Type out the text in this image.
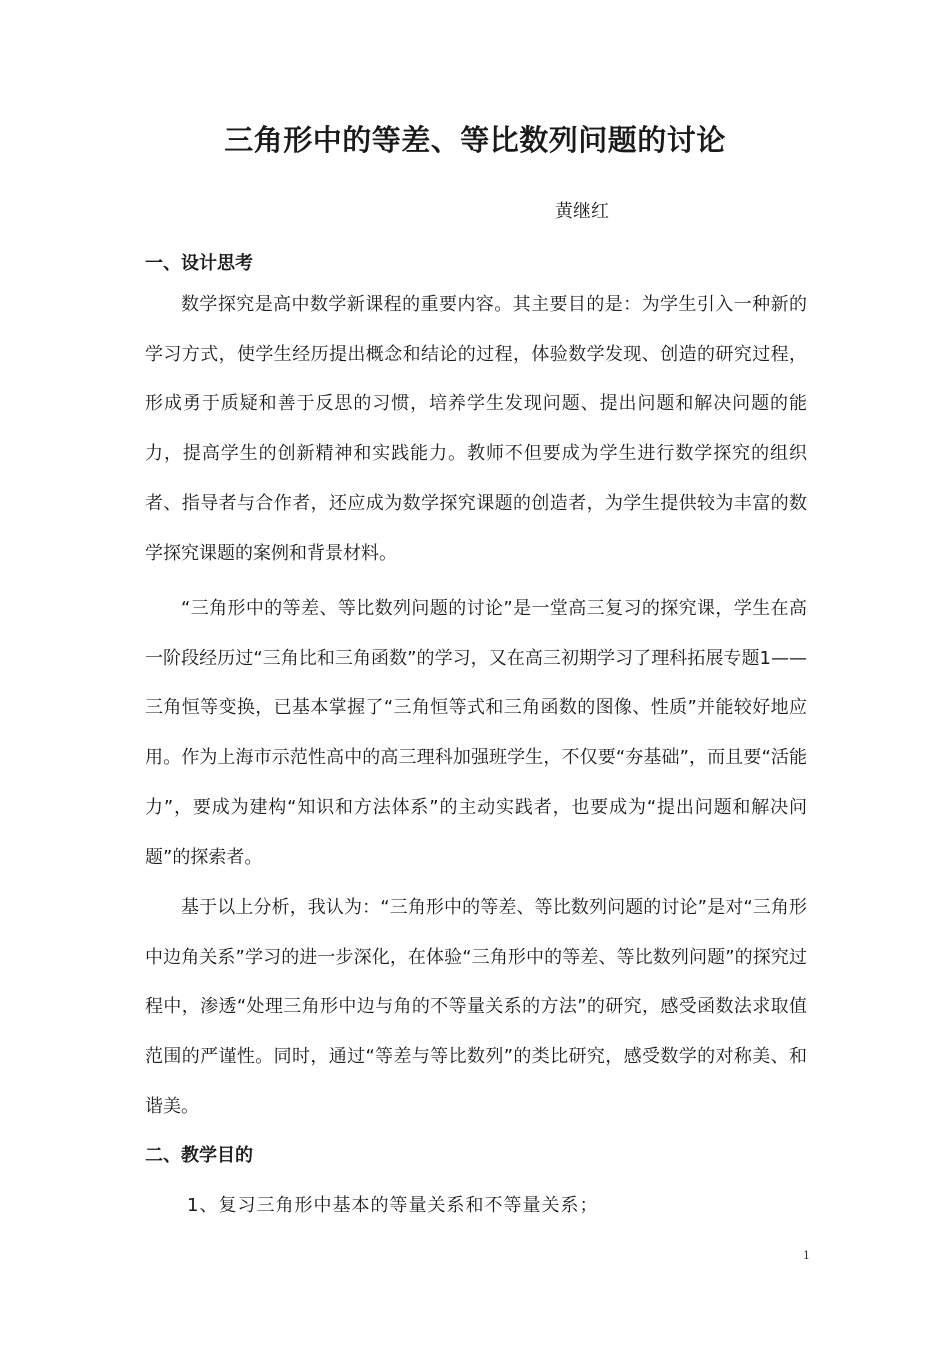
三角形中的等差、等比数列问题的讨论
黄继红
一、设计思考

数学探究是高中数学新课程的重要内容。其主要目的是：为学生引入一种新的学习方式，使学生经历提出概念和结论的过程，体验数学发现、创造的研究过程，形成勇于质疑和善于反思的习惯，培养学生发现问题、提出问题和解决问题的能力，提高学生的创新精神和实践能力。教师不但要成为学生进行数学探究的组织者、指导者与合作者，还应成为数学探究课题的创造者，为学生提供较为丰富的数学探究课题的案例和背景材料。

“三角形中的等差、等比数列问题的讨论”是一堂高三复习的探究课，学生在高一阶段经历过“三角比和三角函数”的学习，又在高三初期学习了理科拓展专题1——三角恒等变换，已基本掌握了“三角恒等式和三角函数的图像、性质”并能较好地应用。作为上海市示范性高中的高三理科加强班学生，不仅要“夯基础”，而且要“活能力”，要成为建构“知识和方法体系”的主动实践者，也要成为“提出问题和解决问题”的探索者。

基于以上分析，我认为：“三角形中的等差、等比数列问题的讨论”是对“三角形中边角关系”学习的进一步深化，在体验“三角形中的等差、等比数列问题”的探究过程中，渗透“处理三角形中边与角的不等量关系的方法”的研究，感受函数法求取值范围的严谨性。同时，通过“等差与等比数列”的类比研究，感受数学的对称美、和谐美。

二、教学目的
1、复习三角形中基本的等量关系和不等量关系；
1
